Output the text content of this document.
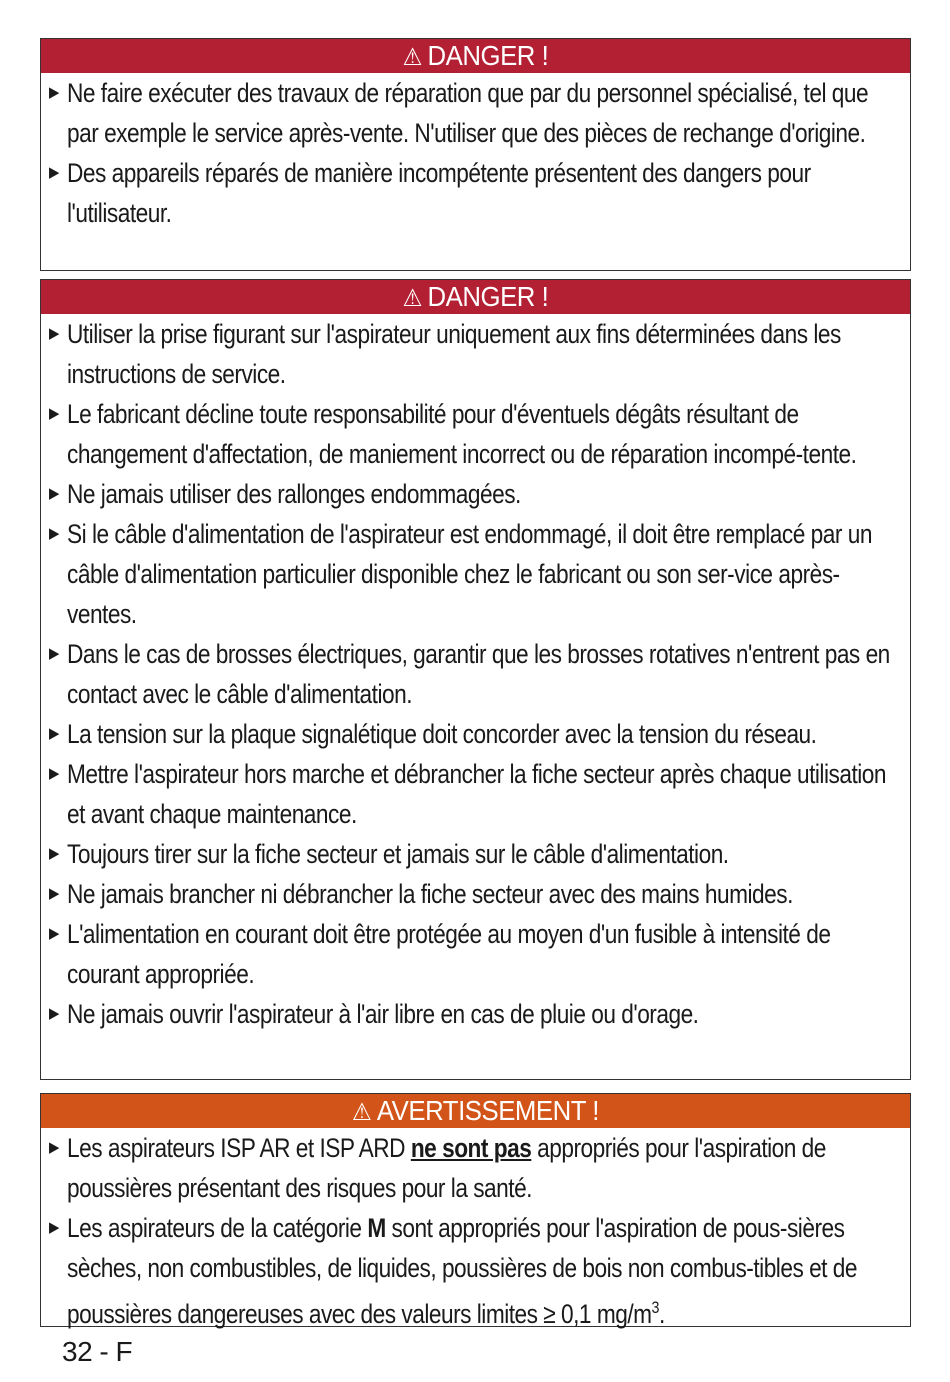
⚠ DANGER !
▶ Ne faire exécuter des travaux de réparation que par du personnel spécialisé, tel que par exemple le service après-vente. N'utiliser que des pièces de rechange d'origine.
▶ Des appareils réparés de manière incompétente présentent des dangers pour l'utilisateur.
⚠ DANGER !
▶ Utiliser la prise figurant sur l'aspirateur uniquement aux fins déterminées dans les instructions de service.
▶ Le fabricant décline toute responsabilité pour d'éventuels dégâts résultant de changement d'affectation, de maniement incorrect ou de réparation incompé-tente.
▶ Ne jamais utiliser des rallonges endommagées.
▶ Si le câble d'alimentation de l'aspirateur est endommagé, il doit être remplacé par un câble d'alimentation particulier disponible chez le fabricant ou son ser-vice après-ventes.
▶ Dans le cas de brosses électriques, garantir que les brosses rotatives n'entrent pas en contact avec le câble d'alimentation.
▶ La tension sur la plaque signalétique doit concorder avec la tension du réseau.
▶ Mettre l'aspirateur hors marche et débrancher la fiche secteur après chaque utilisation et avant chaque maintenance.
▶ Toujours tirer sur la fiche secteur et jamais sur le câble d'alimentation.
▶ Ne jamais brancher ni débrancher la fiche secteur avec des mains humides.
▶ L'alimentation en courant doit être protégée au moyen d'un fusible à intensité de courant appropriée.
▶ Ne jamais ouvrir l'aspirateur à l'air libre en cas de pluie ou d'orage.
⚠ AVERTISSEMENT !
▶ Les aspirateurs ISP AR et ISP ARD ne sont pas appropriés pour l'aspiration de poussières présentant des risques pour la santé.
▶ Les aspirateurs de la catégorie M sont appropriés pour l'aspiration de pous-sières sèches, non combustibles, de liquides, poussières de bois non combus-tibles et de poussières dangereuses avec des valeurs limites ≥ 0,1 $mg/m^3$.
32 - F
